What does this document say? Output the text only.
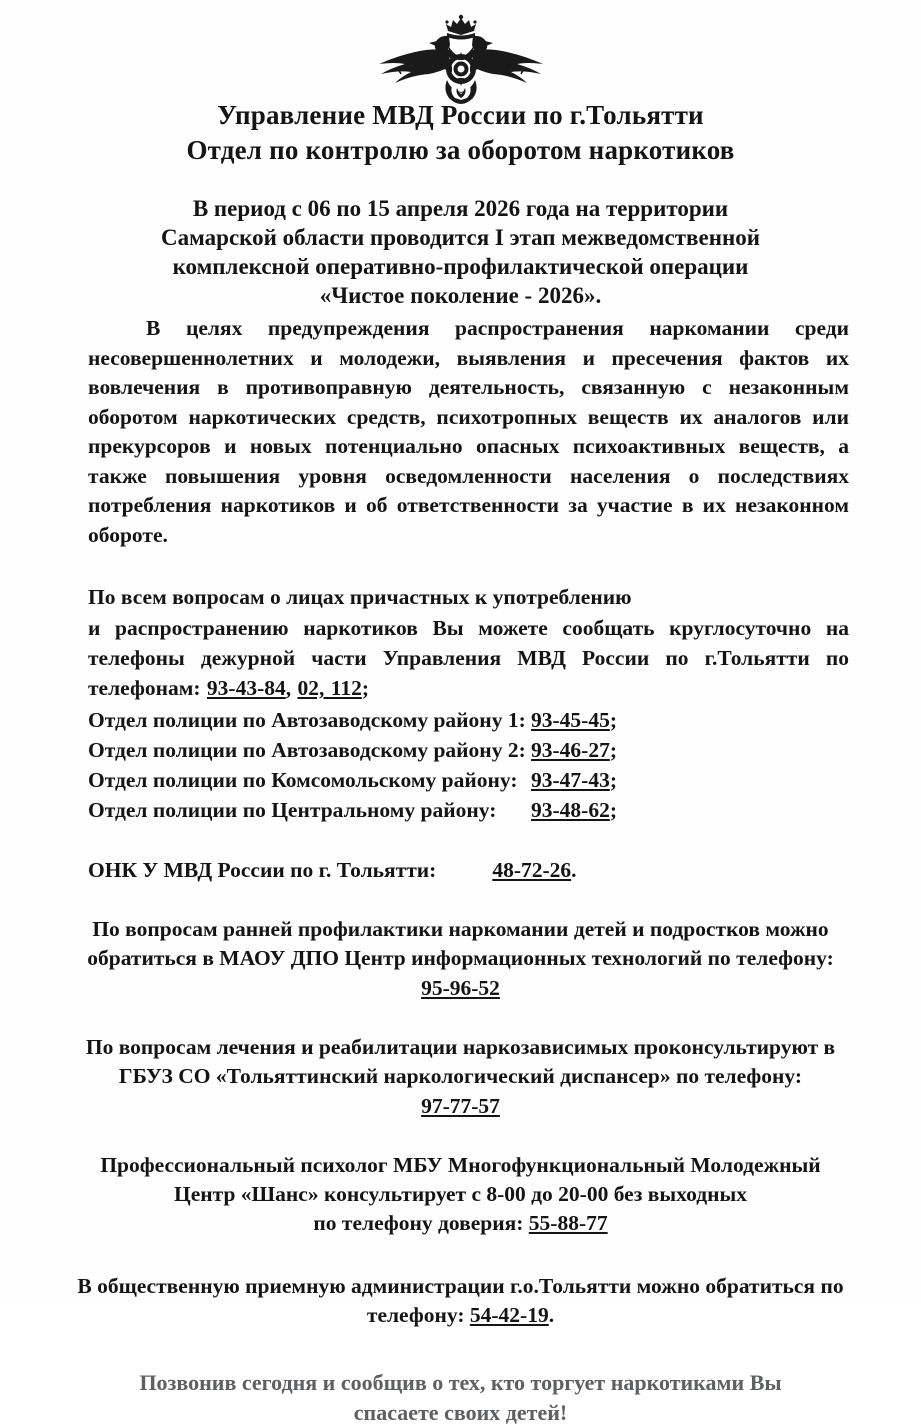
Управление МВД России по г.Тольятти
Отдел по контролю за оборотом наркотиков
В период с 06 по 15 апреля 2026 года на территории
Самарской области проводится I этап межведомственной
комплексной оперативно-профилактической операции
«Чистое поколение - 2026».
В целях предупреждения распространения наркомании среди несовершеннолетних и молодежи, выявления и пресечения фактов их вовлечения в противоправную деятельность, связанную с незаконным оборотом наркотических средств, психотропных веществ их аналогов или прекурсоров и новых потенциально опасных психоактивных веществ, а также повышения уровня осведомленности населения о последствиях потребления наркотиков и об ответственности за участие в их незаконном обороте.
По всем вопросам о лицах причастных к употреблению
и распространению наркотиков Вы можете сообщать круглосуточно на телефоны дежурной части Управления МВД России по г.Тольятти по телефонам: 93-43-84, 02, 112;
Отдел полиции по Автозаводскому району 1: 93-45-45;
Отдел полиции по Автозаводскому району 2: 93-46-27;
Отдел полиции по Комсомольскому району: 93-47-43;
Отдел полиции по Центральному району: 93-48-62;
ОНК У МВД России по г. Тольятти:	48-72-26.
По вопросам ранней профилактики наркомании детей и подростков можно
обратиться в МАОУ ДПО Центр информационных технологий по телефону:
95-96-52
По вопросам лечения и реабилитации наркозависимых проконсультируют в
ГБУЗ СО «Тольяттинский наркологический диспансер» по телефону:
97-77-57
Профессиональный психолог МБУ Многофункциональный Молодежный
Центр «Шанс» консультирует с 8-00 до 20-00 без выходных
по телефону доверия: 55-88-77
В общественную приемную администрации г.о.Тольятти можно обратиться по
телефону: 54-42-19.
Позвонив сегодня и сообщив о тех, кто торгует наркотиками Вы
спасаете своих детей!
